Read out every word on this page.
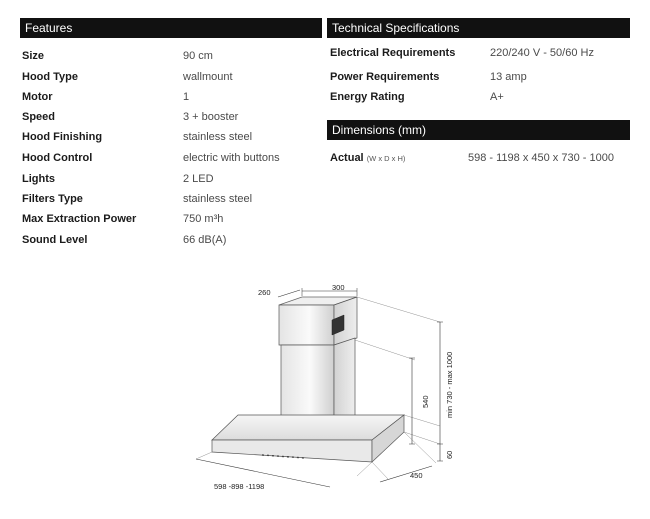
Features
Size	90 cm
Hood Type	wallmount
Motor	1
Speed	3 + booster
Hood Finishing	stainless steel
Hood Control	electric with buttons
Lights	2 LED
Filters Type	stainless steel
Max Extraction Power	750 m³h
Sound Level	66 dB(A)
Technical Specifications
Electrical Requirements	220/240 V - 50/60 Hz
Power Requirements	13 amp
Energy Rating	A+
Dimensions (mm)
Actual (W x D x H)	598 - 1198 x 450 x 730 - 1000
300
260
540 min 730 - max 1000
60
450
598 -898 -1198
